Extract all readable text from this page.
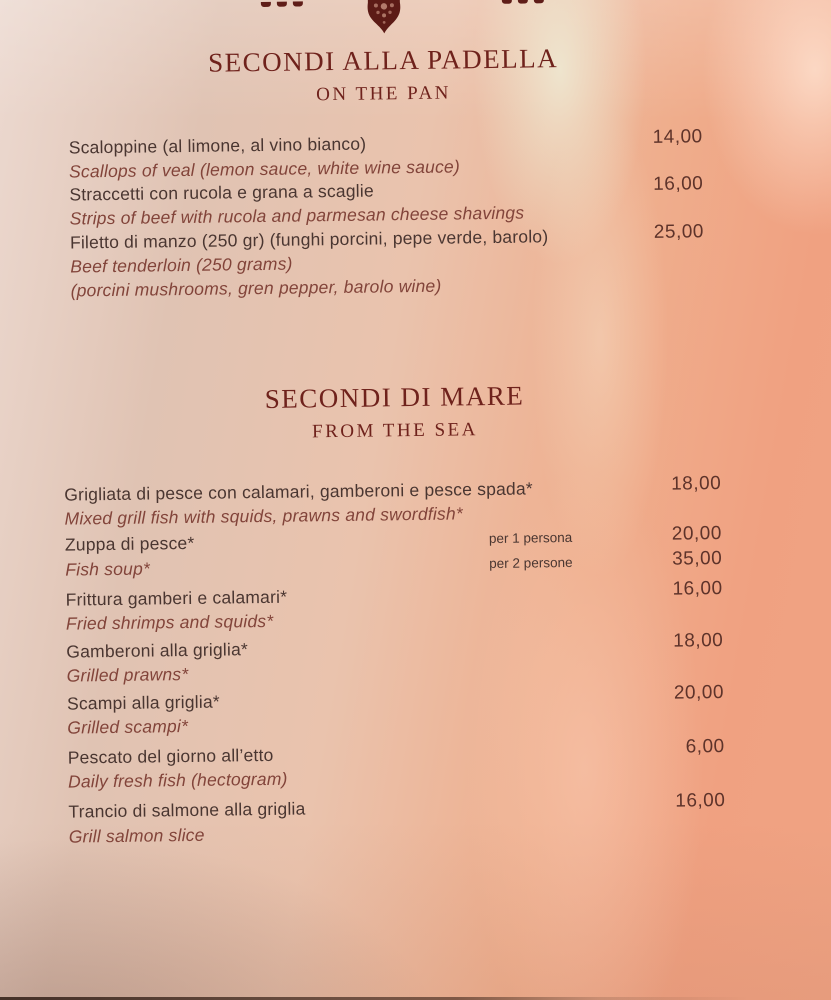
SECONDI ALLA PADELLA
ON THE PAN
Scaloppine (al limone, al vino bianco)	14,00
Scallops of veal (lemon sauce, white wine sauce)
Straccetti con rucola e grana a scaglie	16,00
Strips of beef with rucola and parmesan cheese shavings
Filetto di manzo (250 gr) (funghi porcini, pepe verde, barolo)	25,00
Beef tenderloin (250 grams)
(porcini mushrooms, gren pepper, barolo wine)
SECONDI DI MARE
FROM THE SEA
Grigliata di pesce con calamari, gamberoni e pesce spada*	18,00
Mixed grill fish with squids, prawns and swordfish*
Zuppa di pesce*	per 1 persona	20,00
Fish soup*	per 2 persone	35,00
Frittura gamberi e calamari*	16,00
Fried shrimps and squids*
Gamberoni alla griglia*	18,00
Grilled prawns*
Scampi alla griglia*	20,00
Grilled scampi*
Pescato del giorno all’etto	6,00
Daily fresh fish (hectogram)
Trancio di salmone alla griglia	16,00
Grill salmon slice
